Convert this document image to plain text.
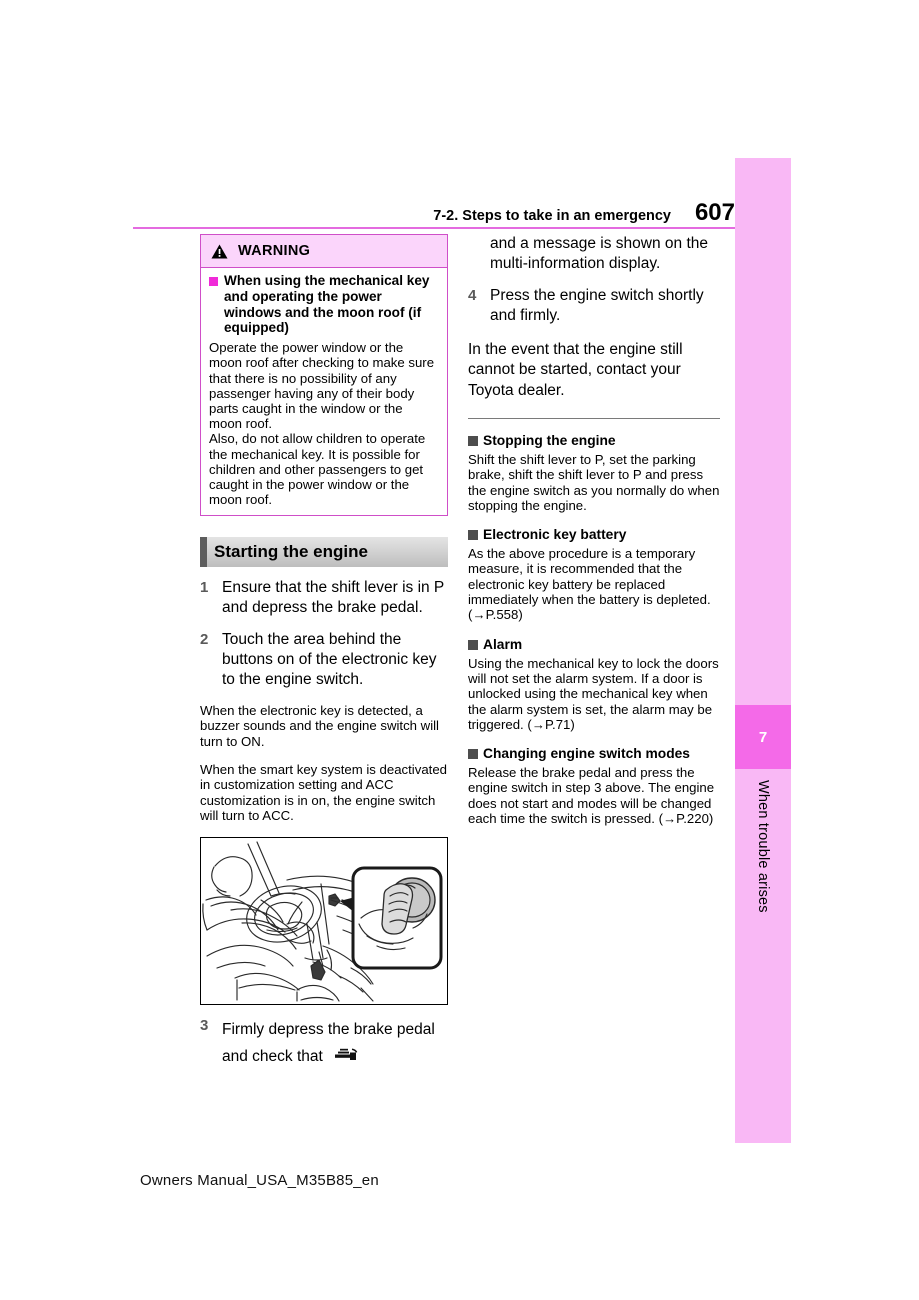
7
When trouble arises
7-2. Steps to take in an emergency 607
WARNING
When using the mechanical key and operating the power windows and the moon roof (if equipped)

Operate the power window or the moon roof after checking to make sure that there is no possibility of any passenger having any of their body parts caught in the window or the moon roof.

Also, do not allow children to operate the mechanical key. It is possible for children and other passengers to get caught in the power window or the moon roof.

Starting the engine
1 Ensure that the shift lever is in P and depress the brake pedal.
2 Touch the area behind the buttons on of the electronic key to the engine switch.

When the electronic key is detected, a buzzer sounds and the engine switch will turn to ON.

When the smart key system is deactivated in customization setting and ACC customization is in on, the engine switch will turn to ACC.

3 Firmly depress the brake pedal and check that
and a message is shown on the multi-information display.
4 Press the engine switch shortly and firmly.

In the event that the engine still cannot be started, contact your Toyota dealer.

Stopping the engine

Shift the shift lever to P, set the parking brake, shift the shift lever to P and press the engine switch as you normally do when stopping the engine.

Electronic key battery

As the above procedure is a temporary measure, it is recommended that the electronic key battery be replaced immediately when the battery is depleted. (→P.558)

Alarm

Using the mechanical key to lock the doors will not set the alarm system. If a door is unlocked using the mechanical key when the alarm system is set, the alarm may be triggered. (→P.71)

Changing engine switch modes

Release the brake pedal and press the engine switch in step 3 above. The engine does not start and modes will be changed each time the switch is pressed. (→P.220)

Owners Manual_USA_M35B85_en
